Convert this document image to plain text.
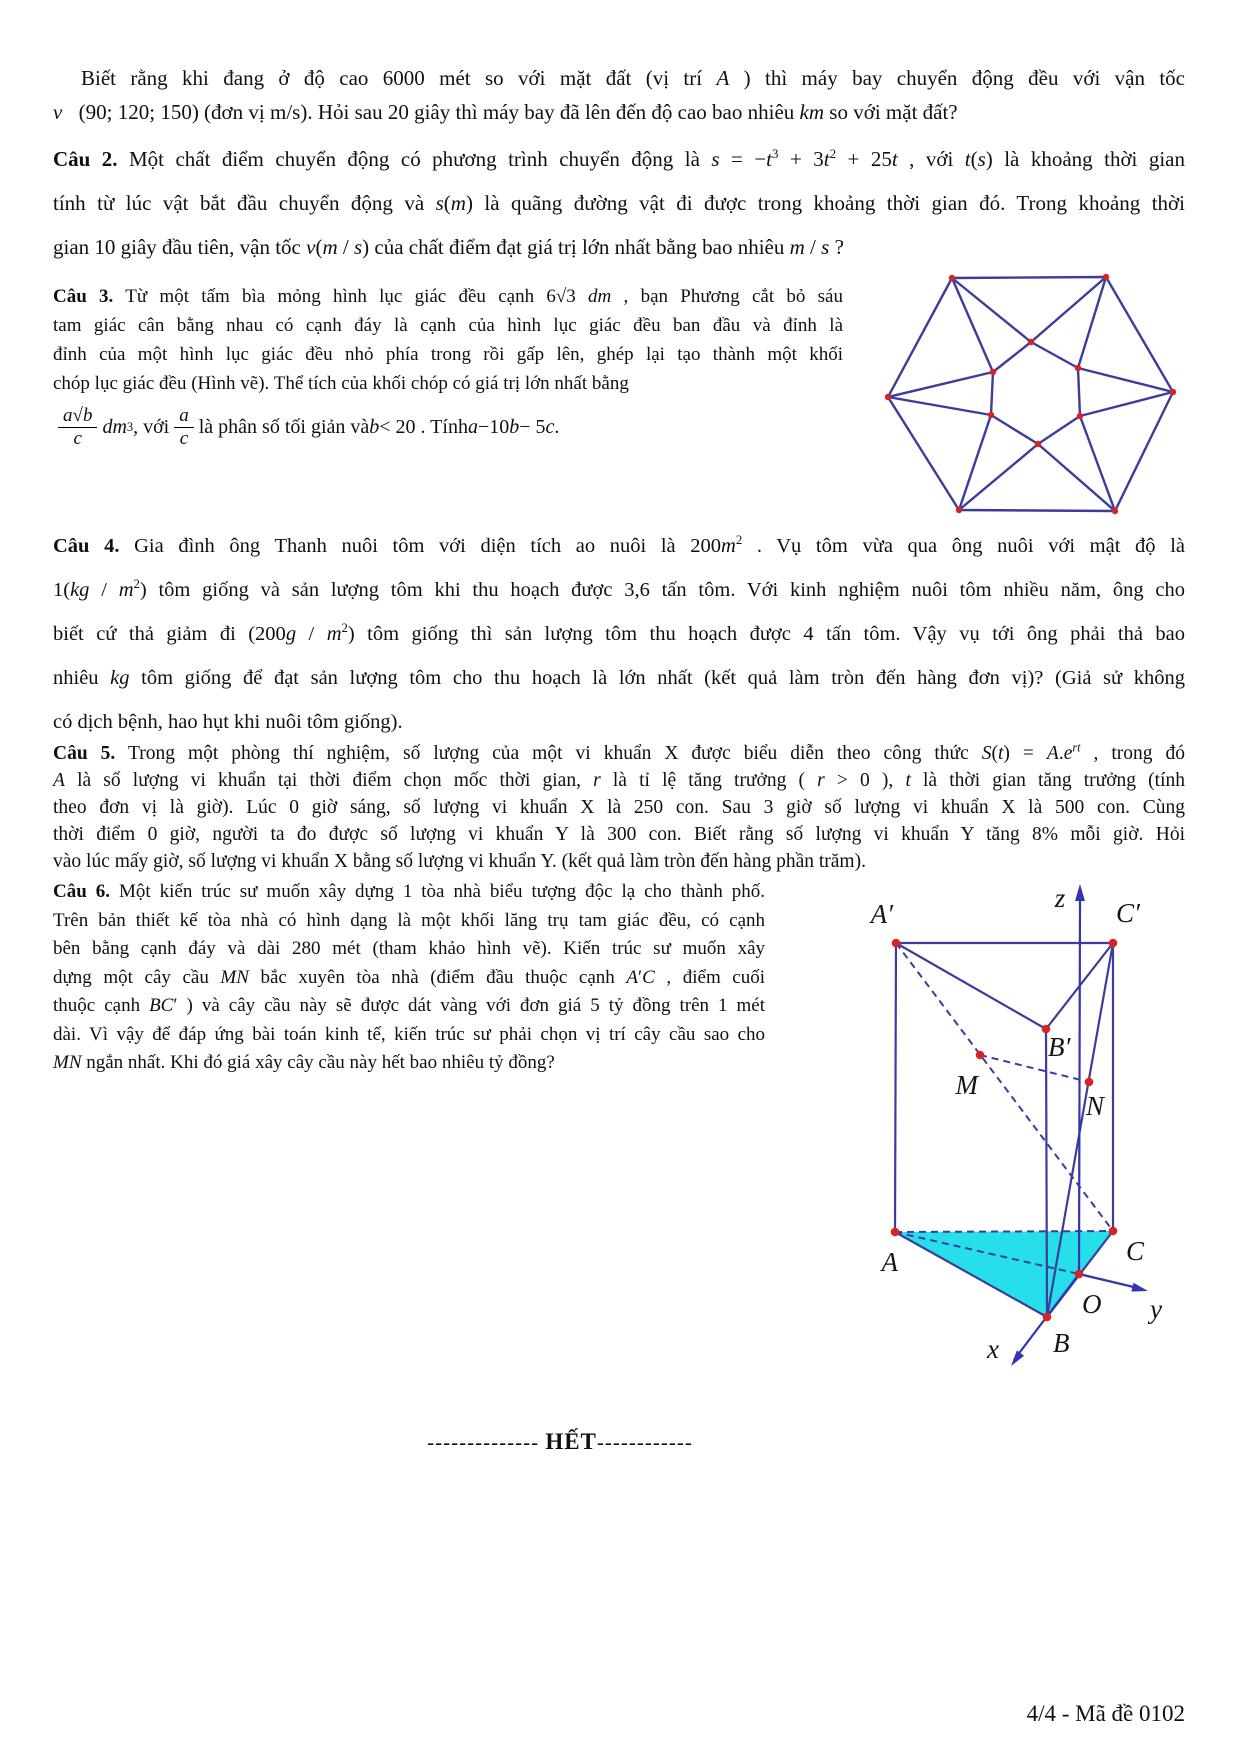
Biết rằng khi đang ở độ cao 6000 mét so với mặt đất (vị trí A ) thì máy bay chuyển động đều với vận tốc

v⃗(90; 120; 150) (đơn vị m/s). Hỏi sau 20 giây thì máy bay đã lên đến độ cao bao nhiêu km so với mặt đất?

Câu 2. Một chất điểm chuyển động có phương trình chuyển động là $s = -t^3 + 3t^2 + 25t$ , với t(s) là khoảng thời gian

tính từ lúc vật bắt đầu chuyển động và s(m) là quãng đường vật đi được trong khoảng thời gian đó. Trong khoảng thời

gian 10 giây đầu tiên, vận tốc v(m / s) của chất điểm đạt giá trị lớn nhất bằng bao nhiêu m / s ?

Câu 3. Từ một tấm bìa mỏng hình lục giác đều cạnh 6√3 dm , bạn Phương cắt bỏ sáu

tam giác cân bằng nhau có cạnh đáy là cạnh của hình lục giác đều ban đầu và đỉnh là

đỉnh của một hình lục giác đều nhỏ phía trong rồi gấp lên, ghép lại tạo thành một khối

chóp lục giác đều (Hình vẽ). Thể tích của khối chóp có giá trị lớn nhất bằng

$\frac{a√b}{c}$ dm 3 , với $\frac{a}{c}$ là phân số tối giản và b < 20 . Tính a −10 b − 5 c .

Câu 4. Gia đình ông Thanh nuôi tôm với diện tích ao nuôi là $200m^2$ . Vụ tôm vừa qua ông nuôi với mật độ là

$1(kg / m^2)$ tôm giống và sản lượng tôm khi thu hoạch được 3,6 tấn tôm. Với kinh nghiệm nuôi tôm nhiều năm, ông cho

biết cứ thả giảm đi $(200g / m^2)$ tôm giống thì sản lượng tôm thu hoạch được 4 tấn tôm. Vậy vụ tới ông phải thả bao

nhiêu kg tôm giống để đạt sản lượng tôm cho thu hoạch là lớn nhất (kết quả làm tròn đến hàng đơn vị)? (Giả sử không

có dịch bệnh, hao hụt khi nuôi tôm giống).

Câu 5. Trong một phòng thí nghiệm, số lượng của một vi khuẩn X được biểu diễn theo công thức $S(t) = A.e^{rt}$ , trong đó

A là số lượng vi khuẩn tại thời điểm chọn mốc thời gian, r là tỉ lệ tăng trưởng ( r > 0 ), t là thời gian tăng trưởng (tính

theo đơn vị là giờ). Lúc 0 giờ sáng, số lượng vi khuẩn X là 250 con. Sau 3 giờ số lượng vi khuẩn X là 500 con. Cùng

thời điểm 0 giờ, người ta đo được số lượng vi khuẩn Y là 300 con. Biết rằng số lượng vi khuẩn Y tăng 8% mỗi giờ. Hỏi

vào lúc mấy giờ, số lượng vi khuẩn X bằng số lượng vi khuẩn Y. (kết quả làm tròn đến hàng phần trăm).

Câu 6. Một kiến trúc sư muốn xây dựng 1 tòa nhà biểu tượng độc lạ cho thành phố.

Trên bản thiết kế tòa nhà có hình dạng là một khối lăng trụ tam giác đều, có cạnh

bên bằng cạnh đáy và dài 280 mét (tham khảo hình vẽ). Kiến trúc sư muốn xây

dựng một cây cầu MN bắc xuyên tòa nhà (điểm đầu thuộc cạnh A′C , điểm cuối

thuộc cạnh BC′ ) và cây cầu này sẽ được dát vàng với đơn giá 5 tỷ đồng trên 1 mét

dài. Vì vậy để đáp ứng bài toán kinh tế, kiến trúc sư phải chọn vị trí cây cầu sao cho

MN ngắn nhất. Khi đó giá xây cây cầu này hết bao nhiêu tỷ đồng?

A′	C′
B′
M
N
A	C
B
O
x
y
z

-------------- HẾT------------

4/4 - Mã đề 0102
